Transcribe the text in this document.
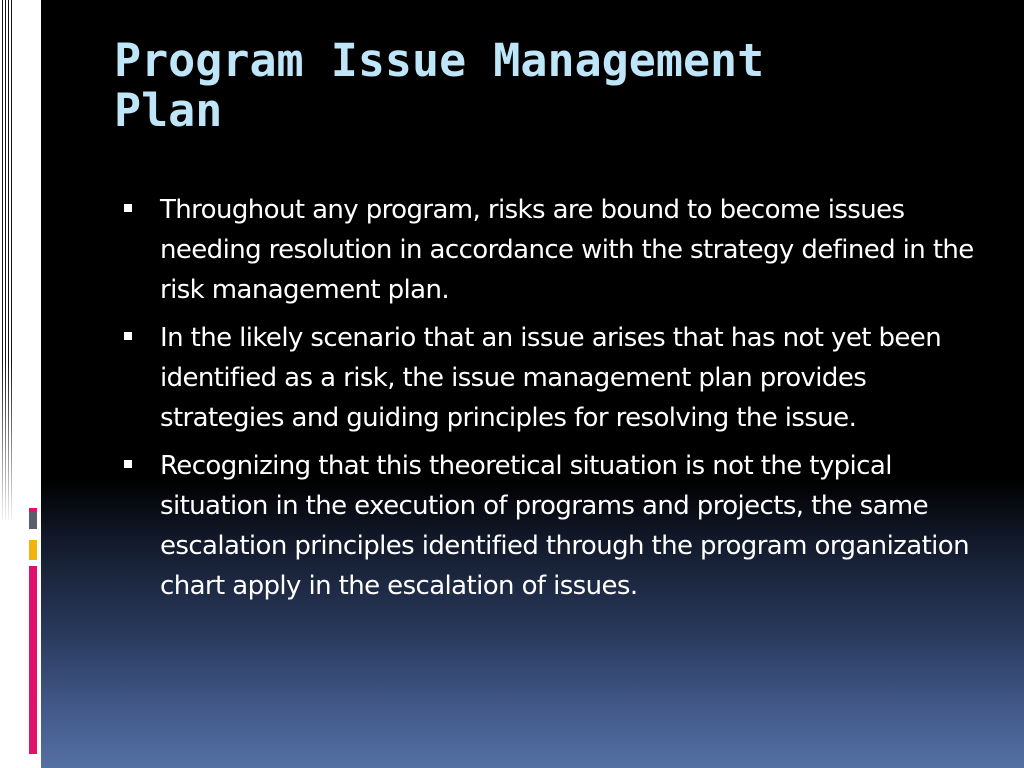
Program Issue Management
Plan
Throughout any program, risks are bound to become issues needing resolution in accordance with the strategy defined in the risk management plan.
In the likely scenario that an issue arises that has not yet been identified as a risk, the issue management plan provides strategies and guiding principles for resolving the issue.
Recognizing that this theoretical situation is not the typical situation in the execution of programs and projects, the same escalation principles identified through the program organization chart apply in the escalation of issues.
